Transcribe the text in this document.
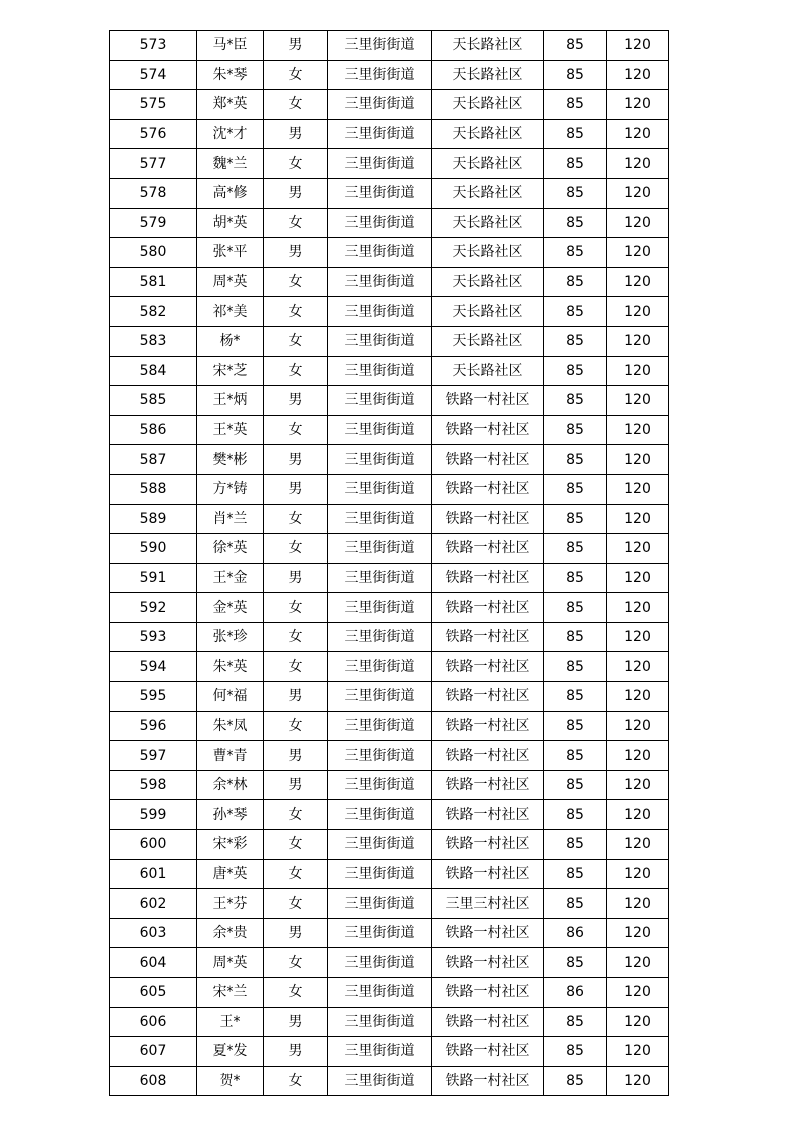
573	马*臣	男	三里街街道	天长路社区	85	120
574	朱*琴	女	三里街街道	天长路社区	85	120
575	郑*英	女	三里街街道	天长路社区	85	120
576	沈*才	男	三里街街道	天长路社区	85	120
577	魏*兰	女	三里街街道	天长路社区	85	120
578	高*修	男	三里街街道	天长路社区	85	120
579	胡*英	女	三里街街道	天长路社区	85	120
580	张*平	男	三里街街道	天长路社区	85	120
581	周*英	女	三里街街道	天长路社区	85	120
582	祁*美	女	三里街街道	天长路社区	85	120
583	杨*	女	三里街街道	天长路社区	85	120
584	宋*芝	女	三里街街道	天长路社区	85	120
585	王*炳	男	三里街街道	铁路一村社区	85	120
586	王*英	女	三里街街道	铁路一村社区	85	120
587	樊*彬	男	三里街街道	铁路一村社区	85	120
588	方*铸	男	三里街街道	铁路一村社区	85	120
589	肖*兰	女	三里街街道	铁路一村社区	85	120
590	徐*英	女	三里街街道	铁路一村社区	85	120
591	王*金	男	三里街街道	铁路一村社区	85	120
592	金*英	女	三里街街道	铁路一村社区	85	120
593	张*珍	女	三里街街道	铁路一村社区	85	120
594	朱*英	女	三里街街道	铁路一村社区	85	120
595	何*福	男	三里街街道	铁路一村社区	85	120
596	朱*凤	女	三里街街道	铁路一村社区	85	120
597	曹*青	男	三里街街道	铁路一村社区	85	120
598	余*林	男	三里街街道	铁路一村社区	85	120
599	孙*琴	女	三里街街道	铁路一村社区	85	120
600	宋*彩	女	三里街街道	铁路一村社区	85	120
601	唐*英	女	三里街街道	铁路一村社区	85	120
602	王*芬	女	三里街街道	三里三村社区	85	120
603	余*贵	男	三里街街道	铁路一村社区	86	120
604	周*英	女	三里街街道	铁路一村社区	85	120
605	宋*兰	女	三里街街道	铁路一村社区	86	120
606	王*	男	三里街街道	铁路一村社区	85	120
607	夏*发	男	三里街街道	铁路一村社区	85	120
608	贺*	女	三里街街道	铁路一村社区	85	120
